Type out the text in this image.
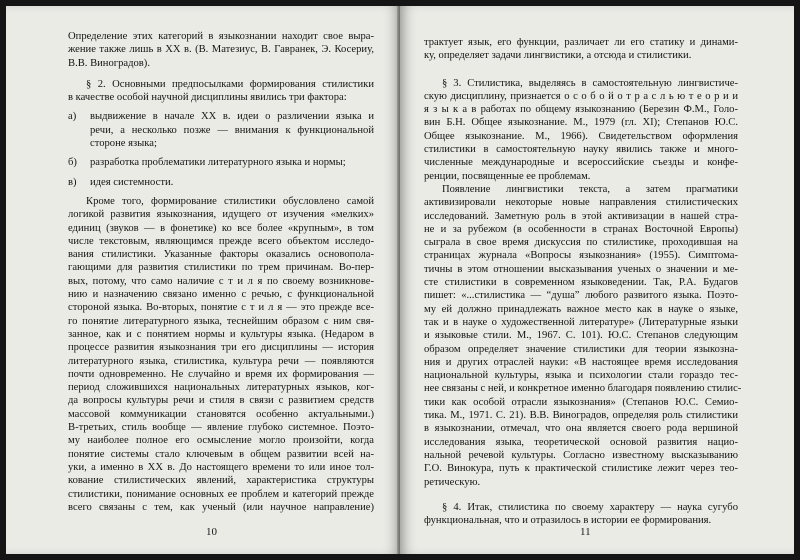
Определение этих категорий в языкознании находит свое выра-
жение также лишь в XX в. (В. Матезиус, В. Гавранек, Э. Косериу,
В.В. Виноградов).
§ 2. Основными предпосылками формирования стилистики
в качестве особой научной дисциплины явились три фактора:
а)	выдвижение в начале XX в. идеи о различении языка и
речи, а несколько позже — внимания к функциональной
стороне языка;
б)	разработка проблематики литературного языка и нормы;
в)	идея системности.
Кроме того, формирование стилистики обусловлено самой
логикой развития языкознания, идущего от изучения «мелких»
единиц (звуков — в фонетике) ко все более «крупным», в том
числе текстовым, являющимся прежде всего объектом исследо-
вания стилистики. Указанные факторы оказались основопола-
гающими для развития стилистики по трем причинам. Во-пер-
вых, потому, что само наличие с т и л я по своему возникнове-
нию и назначению связано именно с речью, с функциональной
стороной языка. Во-вторых, понятие с т и л я — это прежде все-
го понятие литературного языка, теснейшим образом с ним свя-
занное, как и с понятием нормы и культуры языка. (Недаром в
процессе развития языкознания три его дисциплины — история
литературного языка, стилистика, культура речи — появляются
почти одновременно. Не случайно и время их формирования —
период сложившихся национальных литературных языков, ког-
да вопросы культуры речи и стиля в связи с развитием средств
массовой коммуникации становятся особенно актуальными.)
В-третьих, стиль вообще — явление глубоко системное. Поэто-
му наиболее полное его осмысление могло произойти, когда
понятие системы стало ключевым в общем развитии всей на-
уки, а именно в XX в. До настоящего времени то или иное тол-
кование стилистических явлений, характеристика структуры
стилистики, понимание основных ее проблем и категорий прежде
всего связаны с тем, как ученый (или научное направление)
10
трактует язык, его функции, различает ли его статику и динами-
ку, определяет задачи лингвистики, а отсюда и стилистики.
§ 3. Стилистика, выделяясь в самостоятельную лингвистиче-
скую дисциплину, признается о с о б о й о т р а с л ь ю т е о р и и
я з ы к а в работах по общему языкознанию (Березин Ф.М., Голо-
вин Б.Н. Общее языкознание. М., 1979 (гл. XI); Степанов Ю.С.
Общее языкознание. М., 1966). Свидетельством оформления
стилистики в самостоятельную науку явились также и много-
численные международные и всероссийские съезды и конфе-
ренции, посвященные ее проблемам.
Появление лингвистики текста, а затем прагматики
активизировали некоторые новые направления стилистических
исследований. Заметную роль в этой активизации в нашей стра-
не и за рубежом (в особенности в странах Восточной Европы)
сыграла в свое время дискуссия по стилистике, проходившая на
страницах журнала «Вопросы языкознания» (1955). Симптома-
тичны в этом отношении высказывания ученых о значении и ме-
сте стилистики в современном языковедении. Так, Р.А. Будагов
пишет: «...стилистика — “душа” любого развитого языка. Поэто-
му ей должно принадлежать важное место как в науке о языке,
так и в науке о художественной литературе» (Литературные языки
и языковые стили. М., 1967. С. 101). Ю.С. Степанов следующим
образом определяет значение стилистики для теории языкозна-
ния и других отраслей науки: «В настоящее время исследования
национальной культуры, языка и психологии стали гораздо тес-
нее связаны с ней, и конкретное именно благодаря появлению стилис-
тики как особой отрасли языкознания» (Степанов Ю.С. Семио-
тика. М., 1971. С. 21). В.В. Виноградов, определяя роль стилистики
в языкознании, отмечал, что она является своего рода вершиной
исследования языка, теоретической основой развития нацио-
нальной речевой культуры. Согласно известному высказыванию
Г.О. Винокура, путь к практической стилистике лежит через тео-
ретическую.
§ 4. Итак, стилистика по своему характеру — наука сугубо
функциональная, что и отразилось в истории ее формирования.
11
